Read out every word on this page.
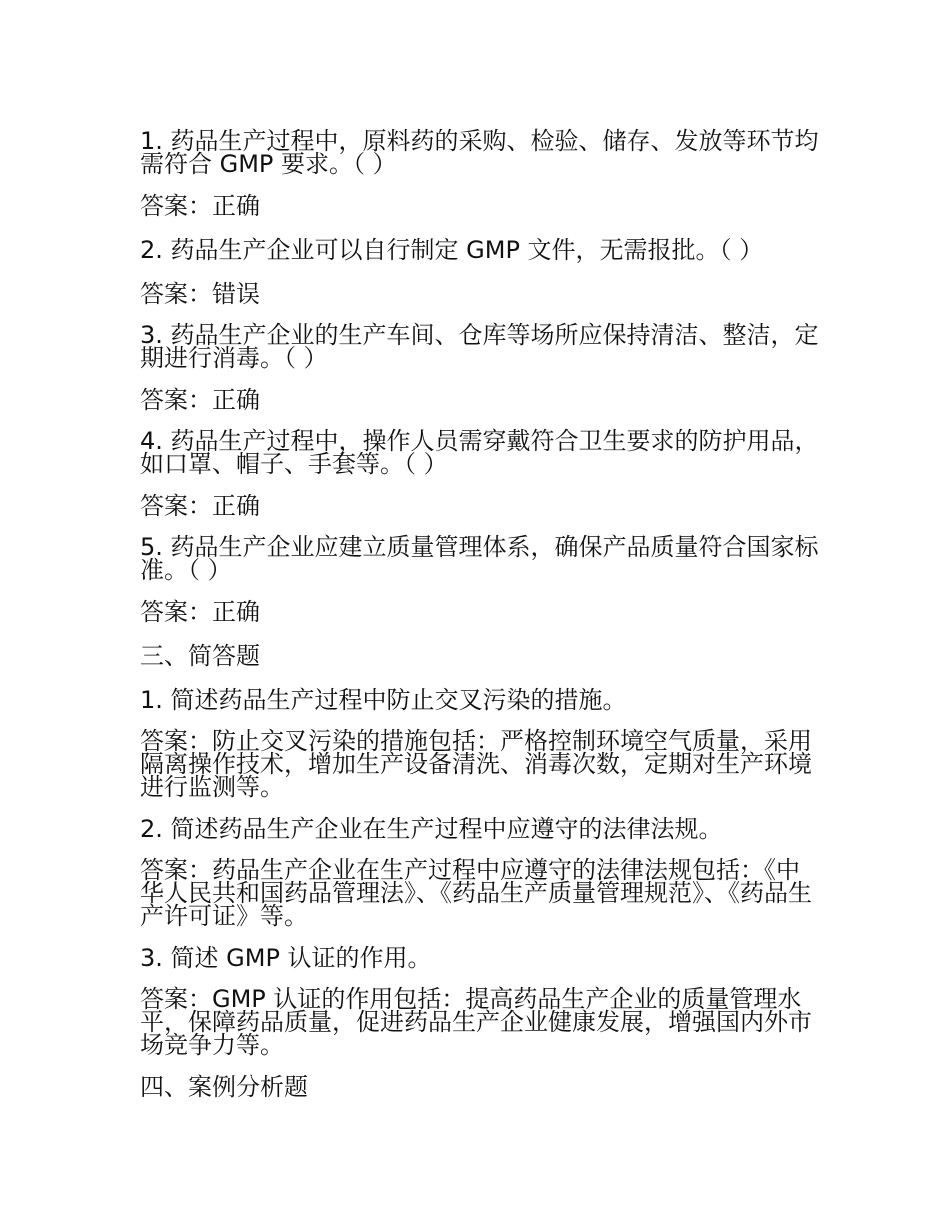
1. 药品生产过程中，原料药的采购、检验、储存、发放等环节均需符合 GMP 要求。（ ）

答案：正确

2. 药品生产企业可以自行制定 GMP 文件，无需报批。（ ）

答案：错误

3. 药品生产企业的生产车间、仓库等场所应保持清洁、整洁，定期进行消毒。（ ）

答案：正确

4. 药品生产过程中，操作人员需穿戴符合卫生要求的防护用品，如口罩、帽子、手套等。（ ）

答案：正确

5. 药品生产企业应建立质量管理体系，确保产品质量符合国家标准。（ ）

答案：正确

三、简答题

1. 简述药品生产过程中防止交叉污染的措施。

答案：防止交叉污染的措施包括：严格控制环境空气质量，采用隔离操作技术，增加生产设备清洗、消毒次数，定期对生产环境进行监测等。

2. 简述药品生产企业在生产过程中应遵守的法律法规。

答案：药品生产企业在生产过程中应遵守的法律法规包括：《中华人民共和国药品管理法》、《药品生产质量管理规范》、《药品生产许可证》等。

3. 简述 GMP 认证的作用。

答案：GMP 认证的作用包括：提高药品生产企业的质量管理水平，保障药品质量，促进药品生产企业健康发展，增强国内外市场竞争力等。

四、案例分析题
